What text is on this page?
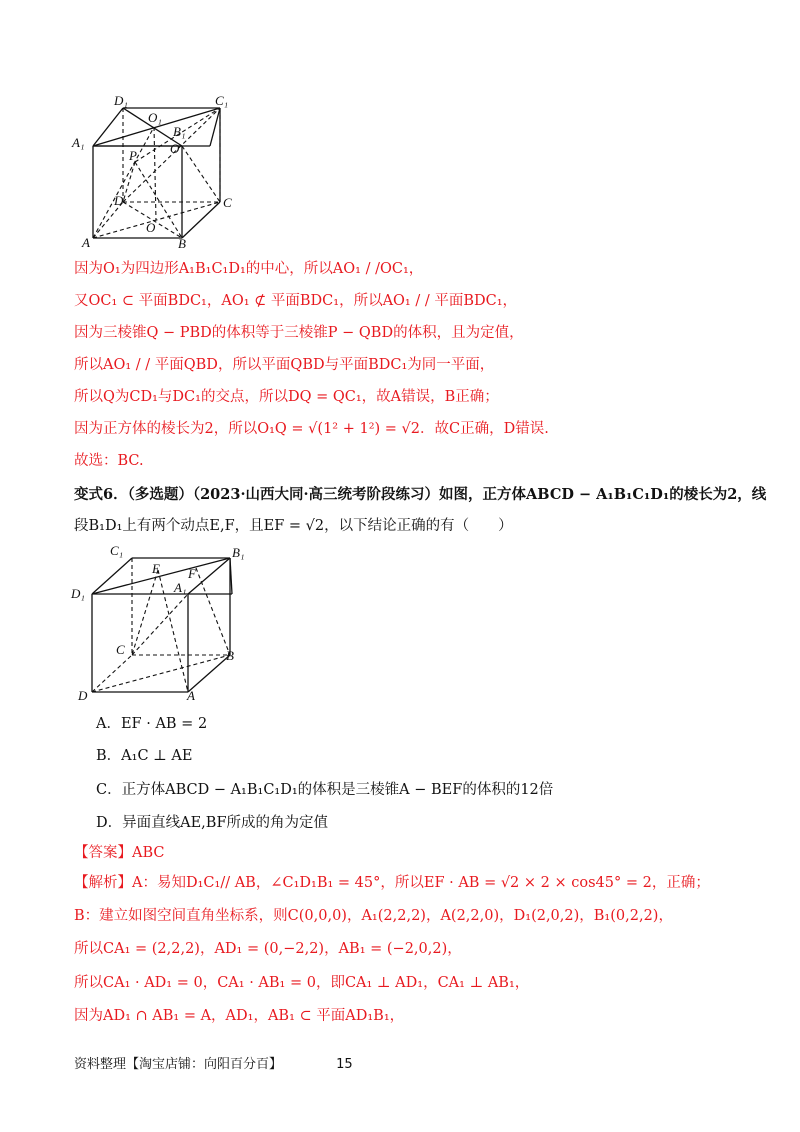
D₁	C₁
A₁
O₁
B₁
O
P
D	C
A	B
O
因为O₁为四边形A₁B₁C₁D₁的中心，所以AO₁ / /OC₁，
又OC₁ ⊂ 平面BDC₁，AO₁ ⊄ 平面BDC₁，所以AO₁ / / 平面BDC₁，
因为三棱锥Q − PBD的体积等于三棱锥P − QBD的体积，且为定值，
所以AO₁ / / 平面QBD，所以平面QBD与平面BDC₁为同一平面，
所以Q为CD₁与DC₁的交点，所以DQ = QC₁，故A错误，B正确；
因为正方体的棱长为2，所以O₁Q = √(1² + 1²) = √2．故C正确，D错误.
故选：BC.
变式6．（多选题）（2023·山西大同·高三统考阶段练习）如图，正方体ABCD − A₁B₁C₁D₁的棱长为2，线
段B₁D₁上有两个动点E,F，且EF = √2，以下结论正确的有（　　）
C₁	B₁
E F
A₁
D₁
C	B
D	A
A．EF · AB = 2
B．A₁C ⊥ AE
C．正方体ABCD − A₁B₁C₁D₁的体积是三棱锥A − BEF的体积的12倍
D．异面直线AE,BF所成的角为定值
【答案】ABC
【解析】A：易知D₁C₁// AB，∠C₁D₁B₁ = 45°，所以EF · AB = √2 × 2 × cos45° = 2，正确；
B：建立如图空间直角坐标系，则C(0,0,0)，A₁(2,2,2)，A(2,2,0)，D₁(2,0,2)，B₁(0,2,2)，
所以CA₁ = (2,2,2)，AD₁ = (0,−2,2)，AB₁ = (−2,0,2)，
所以CA₁ · AD₁ = 0，CA₁ · AB₁ = 0，即CA₁ ⊥ AD₁，CA₁ ⊥ AB₁，
因为AD₁ ∩ AB₁ = A，AD₁，AB₁ ⊂ 平面AD₁B₁，
资料整理【淘宝店铺：向阳百分百】	15
